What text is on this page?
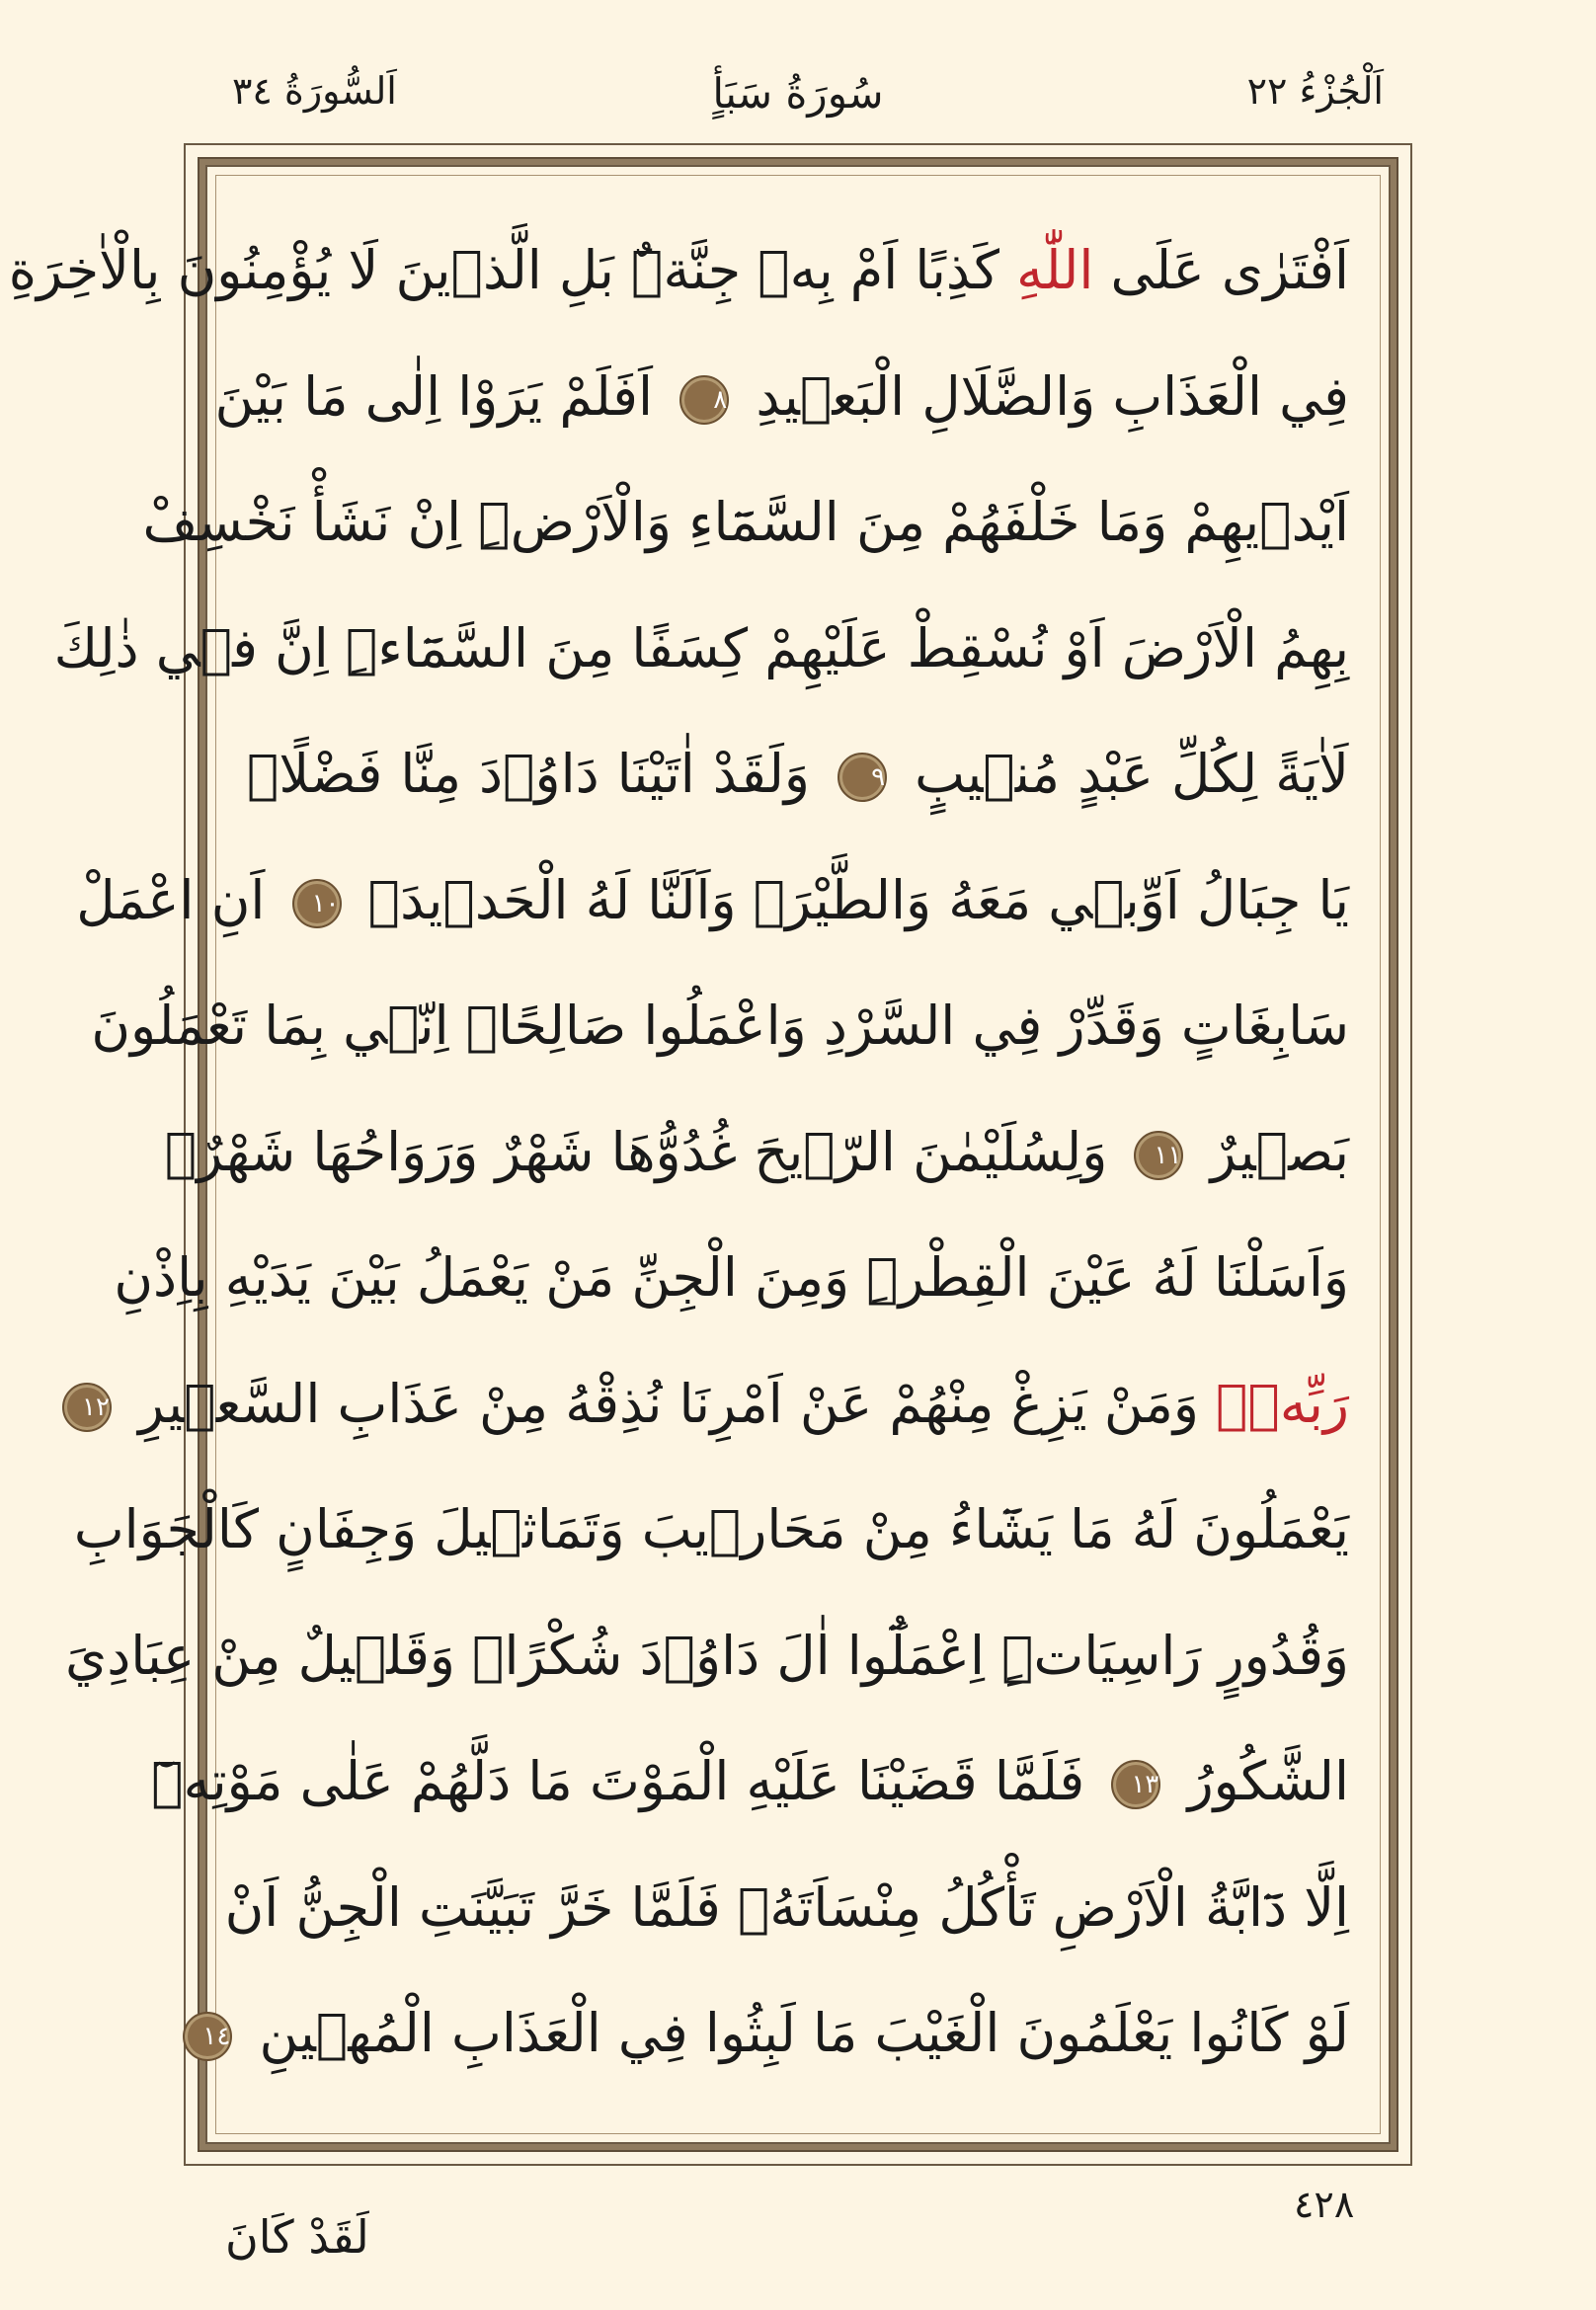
اَلْجُزْءُ ٢٢
سُورَةُ سَبَأٍ
اَلسُّورَةُ ٣٤
اَفْتَرٰى عَلَى اللّٰهِ كَذِبًا اَمْ بِه۪ جِنَّةٌۜ بَلِ الَّذ۪ينَ لَا يُؤْمِنُونَ بِالْاٰخِرَةِ
فِي الْعَذَابِ وَالضَّلَالِ الْبَع۪يدِ ٨ اَفَلَمْ يَرَوْا اِلٰى مَا بَيْنَ
اَيْد۪يهِمْ وَمَا خَلْفَهُمْ مِنَ السَّمَٓاءِ وَالْاَرْضِۜ اِنْ نَشَأْ نَخْسِفْ
بِهِمُ الْاَرْضَ اَوْ نُسْقِطْ عَلَيْهِمْ كِسَفًا مِنَ السَّمَٓاءِۜ اِنَّ ف۪ي ذٰلِكَ
لَاٰيَةً لِكُلِّ عَبْدٍ مُن۪يبٍ ٩ وَلَقَدْ اٰتَيْنَا دَاوُ۫دَ مِنَّا فَضْلًاۜ
يَا جِبَالُ اَوِّب۪ي مَعَهُ وَالطَّيْرَۚ وَاَلَنَّا لَهُ الْحَد۪يدَۙ ١٠ اَنِ اعْمَلْ
سَابِغَاتٍ وَقَدِّرْ فِي السَّرْدِ وَاعْمَلُوا صَالِحًاۜ اِنّ۪ي بِمَا تَعْمَلُونَ
بَص۪يرٌ ١١ وَلِسُلَيْمٰنَ الرّ۪يحَ غُدُوُّهَا شَهْرٌ وَرَوَاحُهَا شَهْرٌۚ
وَاَسَلْنَا لَهُ عَيْنَ الْقِطْرِۜ وَمِنَ الْجِنِّ مَنْ يَعْمَلُ بَيْنَ يَدَيْهِ بِاِذْنِ
رَبِّه۪ۜ وَمَنْ يَزِغْ مِنْهُمْ عَنْ اَمْرِنَا نُذِقْهُ مِنْ عَذَابِ السَّع۪يرِ ١٢
يَعْمَلُونَ لَهُ مَا يَشَٓاءُ مِنْ مَحَار۪يبَ وَتَمَاث۪يلَ وَجِفَانٍ كَالْجَوَابِ
وَقُدُورٍ رَاسِيَاتٍۜ اِعْمَلُٓوا اٰلَ دَاوُ۫دَ شُكْرًاۜ وَقَل۪يلٌ مِنْ عِبَادِيَ
الشَّكُورُ ١٣ فَلَمَّا قَضَيْنَا عَلَيْهِ الْمَوْتَ مَا دَلَّهُمْ عَلٰى مَوْتِه۪ٓ
اِلَّا دَٓابَّةُ الْاَرْضِ تَأْكُلُ مِنْسَاَتَهُۚ فَلَمَّا خَرَّ تَبَيَّنَتِ الْجِنُّ اَنْ
لَوْ كَانُوا يَعْلَمُونَ الْغَيْبَ مَا لَبِثُوا فِي الْعَذَابِ الْمُه۪ينِ ١٤
٤٢٨
لَقَدْ كَانَ
